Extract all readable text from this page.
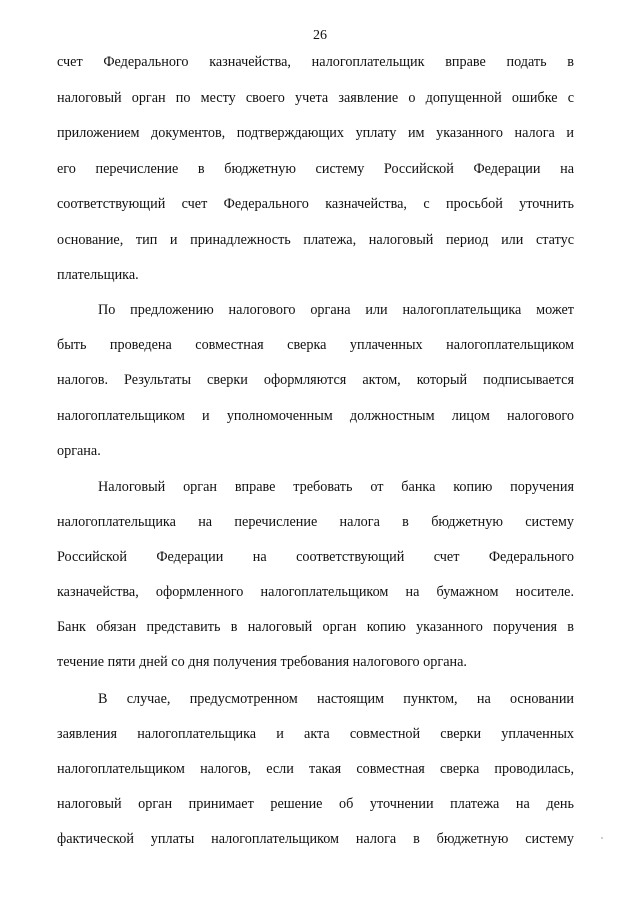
26
счет Федерального казначейства, налогоплательщик вправе подать в
налоговый орган по месту своего учета заявление о допущенной ошибке с
приложением документов, подтверждающих уплату им указанного налога и
его перечисление в бюджетную систему Российской Федерации на
соответствующий счет Федерального казначейства, с просьбой уточнить
основание, тип и принадлежность платежа, налоговый период или статус
плательщика.
По предложению налогового органа или налогоплательщика может
быть проведена совместная сверка уплаченных налогоплательщиком
налогов. Результаты сверки оформляются актом, который подписывается
налогоплательщиком и уполномоченным должностным лицом налогового
органа.
Налоговый орган вправе требовать от банка копию поручения
налогоплательщика на перечисление налога в бюджетную систему
Российской Федерации на соответствующий счет Федерального
казначейства, оформленного налогоплательщиком на бумажном носителе.
Банк обязан представить в налоговый орган копию указанного поручения в
течение пяти дней со дня получения требования налогового органа.
В случае, предусмотренном настоящим пунктом, на основании
заявления налогоплательщика и акта совместной сверки уплаченных
налогоплательщиком налогов, если такая совместная сверка проводилась,
налоговый орган принимает решение об уточнении платежа на день
фактической уплаты налогоплательщиком налога в бюджетную систему
